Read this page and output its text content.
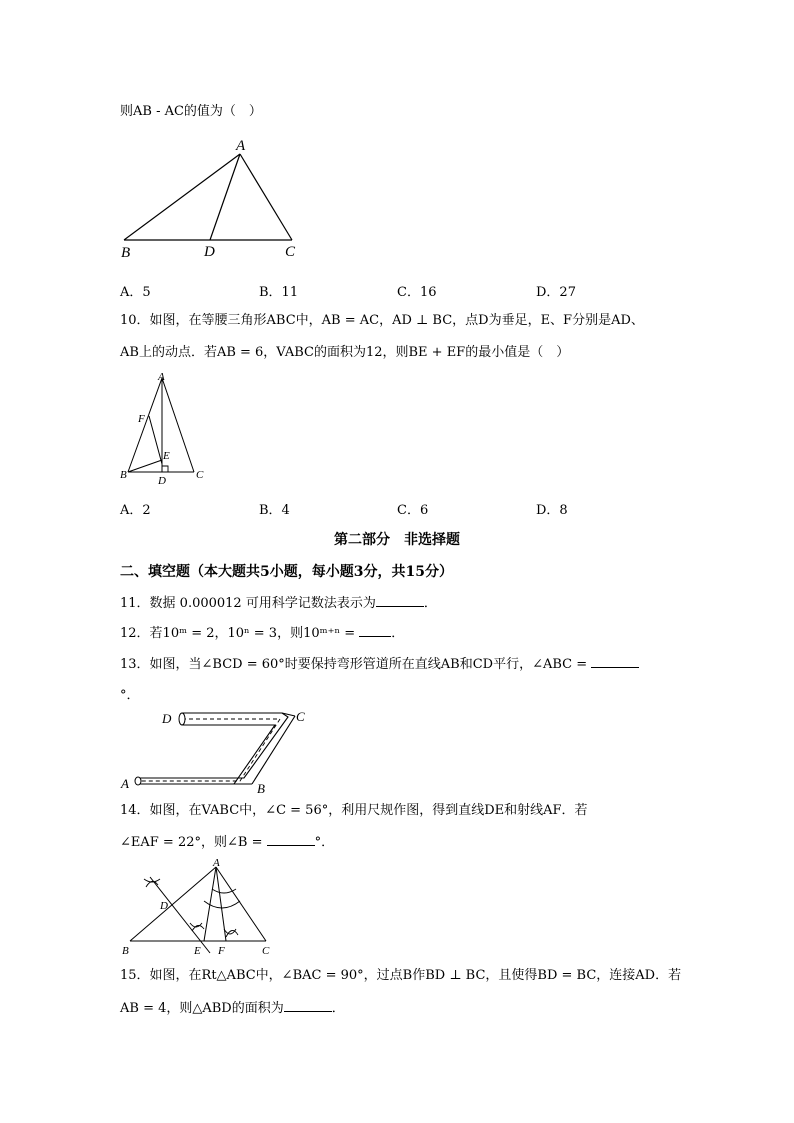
则AB - AC的值为（　）
A
B	D	C
A．5	B．11	C．16	D．27
10．如图，在等腰三角形ABC中，AB = AC，AD ⊥ BC，点D为垂足，E、F分别是AD、
AB上的动点．若AB = 6，VABC的面积为12，则BE + EF的最小值是（　）
A
F
E
B	D	C
A．2	B．4	C．6	D．8
第二部分　非选择题
二、填空题（本大题共5小题，每小题3分，共15分）
11．数据 0.000012 可用科学记数法表示为	．
12．若10ᵐ = 2，10ⁿ = 3，则10ᵐ⁺ⁿ =	．
13．如图，当∠BCD = 60°时要保持弯形管道所在直线AB和CD平行，∠ABC =
°．
D	C
A	B
14．如图，在VABC中，∠C = 56°，利用尺规作图，得到直线DE和射线AF．若
∠EAF = 22°，则∠B =	°．
A
D
B	E F	C
15．如图，在Rt△ABC中，∠BAC = 90°，过点B作BD ⊥ BC，且使得BD = BC，连接AD．若
AB = 4，则△ABD的面积为	．
